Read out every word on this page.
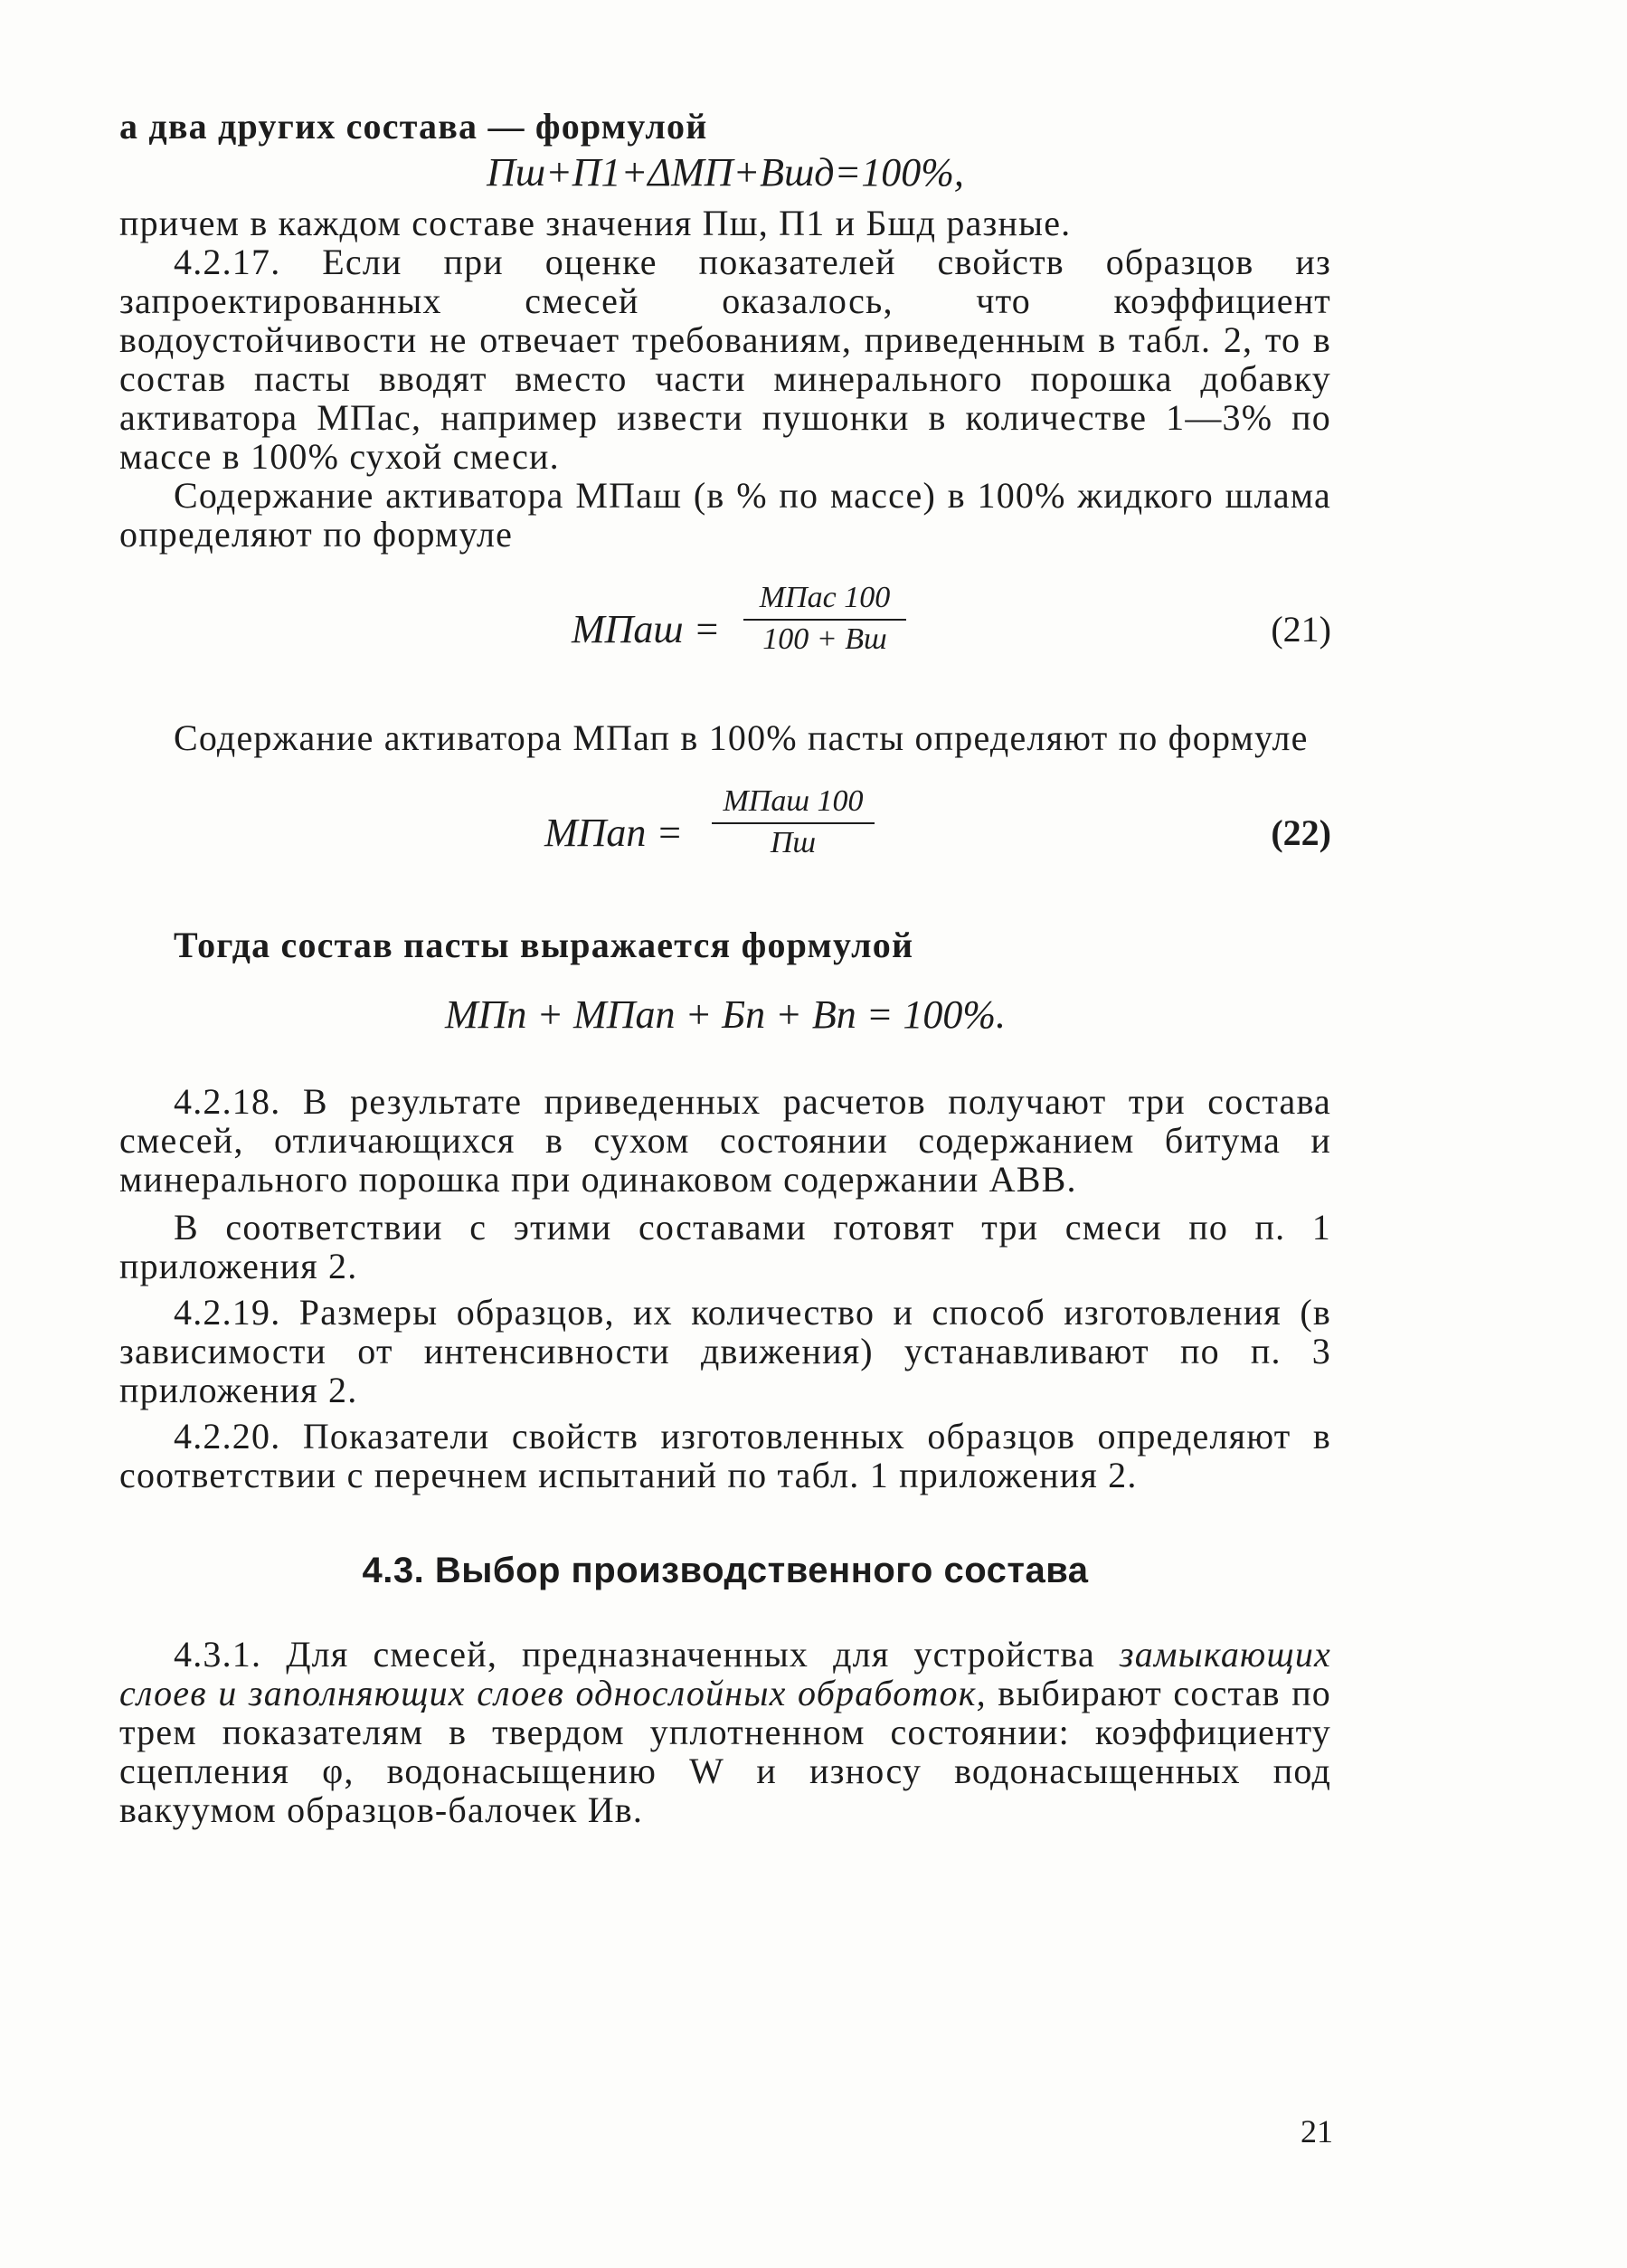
а два других состава — формулой

Пш+П1+ΔМП+Вшд=100%,

причем в каждом составе значения Пш, П1 и Бшд разные.

4.2.17. Если при оценке показателей свойств образцов из запроектированных смесей оказалось, что коэффициент водоустойчивости не отвечает требованиям, приведенным в табл. 2, то в состав пасты вводят вместо части минерального порошка добавку активатора МПас, например извести пушонки в количестве 1—3% по массе в 100% сухой смеси.

Содержание активатора МПаш (в % по массе) в 100% жидкого шлама определяют по формуле

МПаш =
МПас 100
100 + Вш	(21)

Содержание активатора МПап в 100% пасты определяют по формуле

МПап =
МПаш 100
Пш	(22)

Тогда состав пасты выражается формулой

МПп + МПап + Бп + Вп = 100%.

4.2.18. В результате приведенных расчетов получают три состава смесей, отличающихся в сухом состоянии содержанием битума и минерального порошка при одинаковом содержании АВВ.

В соответствии с этими составами готовят три смеси по п. 1 приложения 2.

4.2.19. Размеры образцов, их количество и способ изготовления (в зависимости от интенсивности движения) устанавливают по п. 3 приложения 2.

4.2.20. Показатели свойств изготовленных образцов определяют в соответствии с перечнем испытаний по табл. 1 приложения 2.

4.3. Выбор производственного состава

4.3.1. Для смесей, предназначенных для устройства замыкающих слоев и заполняющих слоев однослойных обработок, выбирают состав по трем показателям в твердом уплотненном состоянии: коэффициенту сцепления φ, водонасыщению W и износу водонасыщенных под вакуумом образцов-балочек Ив.

21
